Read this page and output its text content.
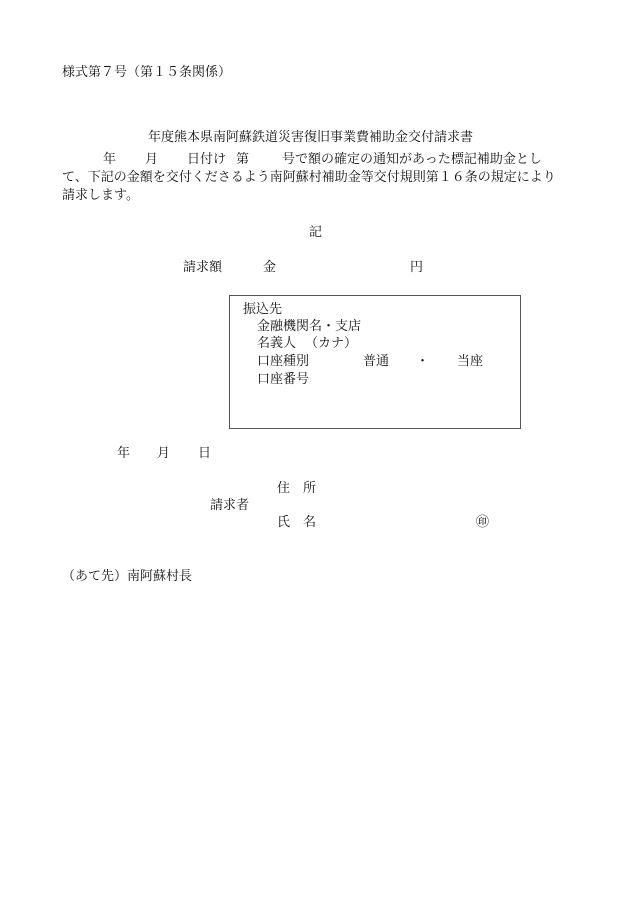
様式第７号（第１５条関係）
年度熊本県南阿蘇鉄道災害復旧事業費補助金交付請求書
年 月 日付け 第	号で額の確定の通知があった標記補助金とし
て、下記の金額を交付くださるよう南阿蘇村補助金等交付規則第１６条の規定により
請求します。
記
請求額	金	円
振込先
金融機関名・支店
名義人 （カナ）
口座種別	普通 ・ 当座
口座番号
年 月 日
住　所
請求者
氏　名	㊞
（あて先）南阿蘇村長
